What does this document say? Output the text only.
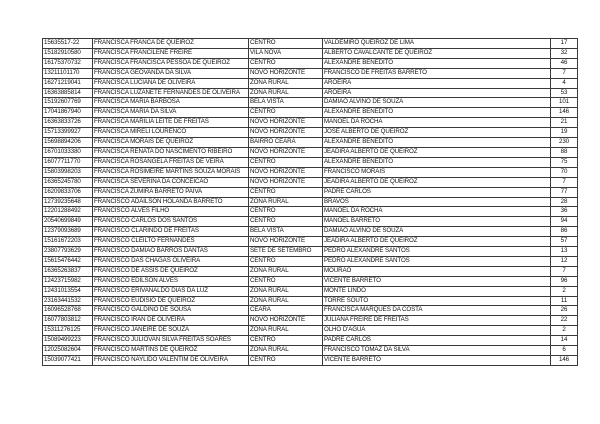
15635517-22	FRANCISCA FRANCA DE QUEIROZ	CENTRO	VALDEMIRO QUEIROZ DE LIMA	17
15182910580	FRANCISCA FRANCILENE FREIRE	VILA NOVA	ALBERTO CAVALCANTE DE QUEIROZ	32
16175370732	FRANCISCA FRANCISCA PESSOA DE QUEIROZ	CENTRO	ALEXANDRE BENEDITO	46
13211101170	FRANCISCA GEOVANDA DA SILVA	NOVO HORIZONTE	FRANCISCO DE FREITAS BARRETO	7
16271219041	FRANCISCA LUCIANA DE OLIVEIRA	ZONA RURAL	AROEIRA	4
16363885814	FRANCISCA LUZANETE FERNANDES DE OLIVEIRA	ZONA RURAL	AROEIRA	53
15192607769	FRANCISCA MARIA BARBOSA	BELA VISTA	DAMIAO ALVINO DE SOUZA	101
17041867940	FRANCISCA MARIA DA SILVA	CENTRO	ALEXANDRE BENEDITO	146
16363833726	FRANCISCA MARILIA LEITE DE FREITAS	NOVO HORIZONTE	MANOEL DA ROCHA	21
15713399927	FRANCISCA MIRELI LOURENCO	NOVO HORIZONTE	JOSE ALBERTO DE QUEIROZ	19
15698894206	FRANCISCA MORAIS DE QUEIROZ	BAIRRO CEARA	ALEXANDRE BENEDITO	230
16701033380	FRANCISCA RENATA DO NASCIMENTO RIBEIRO	NOVO HORIZONTE	JEADIRA ALBERTO DE QUEIROZ	88
16077711770	FRANCISCA ROSANGELA FREITAS DE VEIRA	CENTRO	ALEXANDRE BENEDITO	75
15803998203	FRANCISCA ROSIMEIRE MARTINS SOUZA MORAIS	NOVO HORIZONTE	FRANCISCO MORAIS	70
16365245780	FRANCISCA SEVERINA DA CONCEICAO	NOVO HORIZONTE	JEADIRA ALBERTO DE QUEIROZ	7
16209833706	FRANCISCA ZUMIRA BARRETO PAIVA	CENTRO	PADRE CARLOS	77
12739235648	FRANCISCO ADAILSON HOLANDA BARRETO	ZONA RURAL	BRAVOS	28
12201288492	FRANCISCO ALVES FILHO	CENTRO	MANOEL DA ROCHA	36
20540699849	FRANCISCO CARLOS DOS SANTOS	CENTRO	MANOEL BARRETO	94
12379093689	FRANCISCO CLARINDO DE FREITAS	BELA VISTA	DAMIAO ALVINO DE SOUZA	86
15161672203	FRANCISCO CLEILTO FERNANDES	NOVO HORIZONTE	JEADIRA ALBERTO DE QUEIROZ	57
23807793629	FRANCISCO DAMIAO BARROS DANTAS	SETE DE SETEMBRO	PEDRO ALEXANDRE SANTOS	13
15615476442	FRANCISCO DAS CHAGAS OLIVEIRA	CENTRO	PEDRO ALEXANDRE SANTOS	12
16365263837	FRANCISCO DE ASSIS DE QUEIROZ	ZONA RURAL	MOURAO	7
12423715982	FRANCISCO EDILSON ALVES	CENTRO	VICENTE BARRETO	96
12431013554	FRANCISCO ERIVANALDO DIAS DA LUZ	ZONA RURAL	MONTE LINDO	2
23163441532	FRANCISCO EUDISIO DE QUEIROZ	ZONA RURAL	TORRE SOUTO	11
16096528768	FRANCISCO GALDINO DE SOUSA	CEARA	FRANCISCA MARQUES DA COSTA	26
16077803812	FRANCISCO IRAN DE OLIVEIRA	NOVO HORIZONTE	JULIANA FREIRE DE FREITAS	22
15311276125	FRANCISCO JANEIRE DE SOUZA	ZONA RURAL	OLHO D'AGUA	2
15089499223	FRANCISCO JULIOVAN SILVA FREITAS SOARES	CENTRO	PADRE CARLOS	14
12025082604	FRANCISCO MARTINS DE QUEIROZ	ZONA RURAL	FRANCISCO TOMAZ DA SILVA	6
15039077421	FRANCISCO NAYLIDO VALENTIM DE OLIVEIRA	CENTRO	VICENTE BARRETO	146
